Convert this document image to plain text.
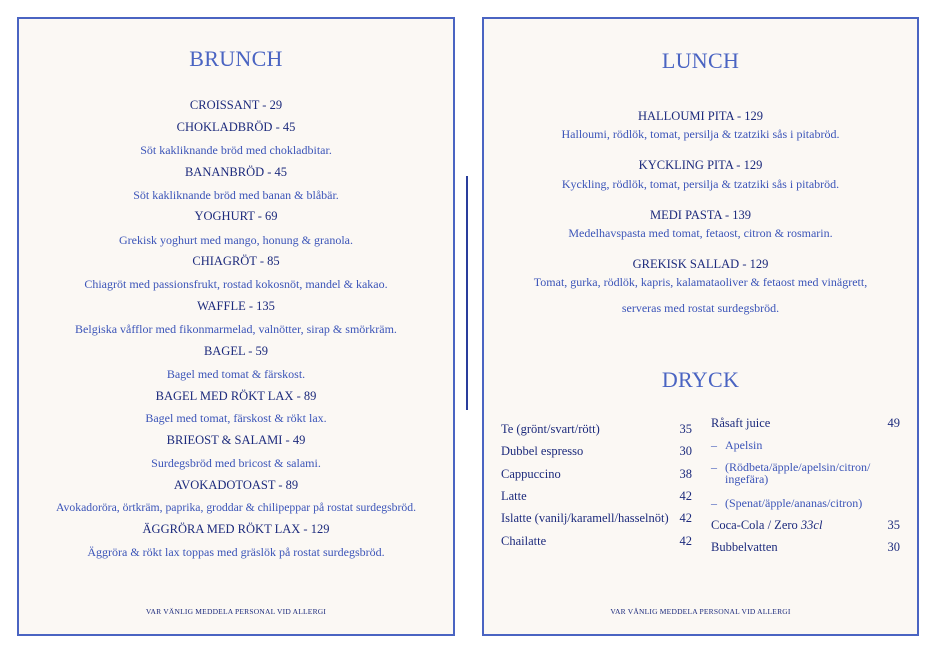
BRUNCH
CROISSANT - 29
CHOKLADBRÖD - 45
Söt kakliknande bröd med chokladbitar.
BANANBRÖD - 45
Söt kakliknande bröd med banan & blåbär.
YOGHURT - 69
Grekisk yoghurt med mango, honung & granola.
CHIAGRÖT - 85
Chiagröt med passionsfrukt, rostad kokosnöt, mandel & kakao.
WAFFLE - 135
Belgiska våfflor med fikonmarmelad, valnötter, sirap & smörkräm.
BAGEL - 59
Bagel med tomat & färskost.
BAGEL MED RÖKT LAX - 89
Bagel med tomat, färskost & rökt lax.
BRIEOST & SALAMI - 49
Surdegsbröd med bricost & salami.
AVOKADOTOAST - 89
Avokadoröra, örtkräm, paprika, groddar & chilipeppar på rostat surdegsbröd.
ÄGGRÖRA MED RÖKT LAX - 129
Äggröra & rökt lax toppas med gräslök på rostat surdegsbröd.
VAR VÄNLIG MEDDELA PERSONAL VID ALLERGI
LUNCH
HALLOUMI PITA - 129
Halloumi, rödlök, tomat, persilja & tzatziki sås i pitabröd.
KYCKLING PITA - 129
Kyckling, rödlök, tomat, persilja & tzatziki sås i pitabröd.
MEDI PASTA - 139
Medelhavspasta med tomat, fetaost, citron & rosmarin.
GREKISK SALLAD - 129
Tomat, gurka, rödlök, kapris, kalamataoliver & fetaost med vinägrett,
serveras med rostat surdegsbröd.
DRYCK
Te (grönt/svart/rött)	35
Dubbel espresso	30
Cappuccino	38
Latte	42
Islatte (vanilj/karamell/hasselnöt) 42
Chailatte	42
Råsaft juice	49
– Apelsin
– (Rödbeta/äpple/apelsin/citron/
ingefära)
– (Spenat/äpple/ananas/citron)
Coca-Cola / Zero 33cl	35
Bubbelvatten	30
VAR VÄNLIG MEDDELA PERSONAL VID ALLERGI
